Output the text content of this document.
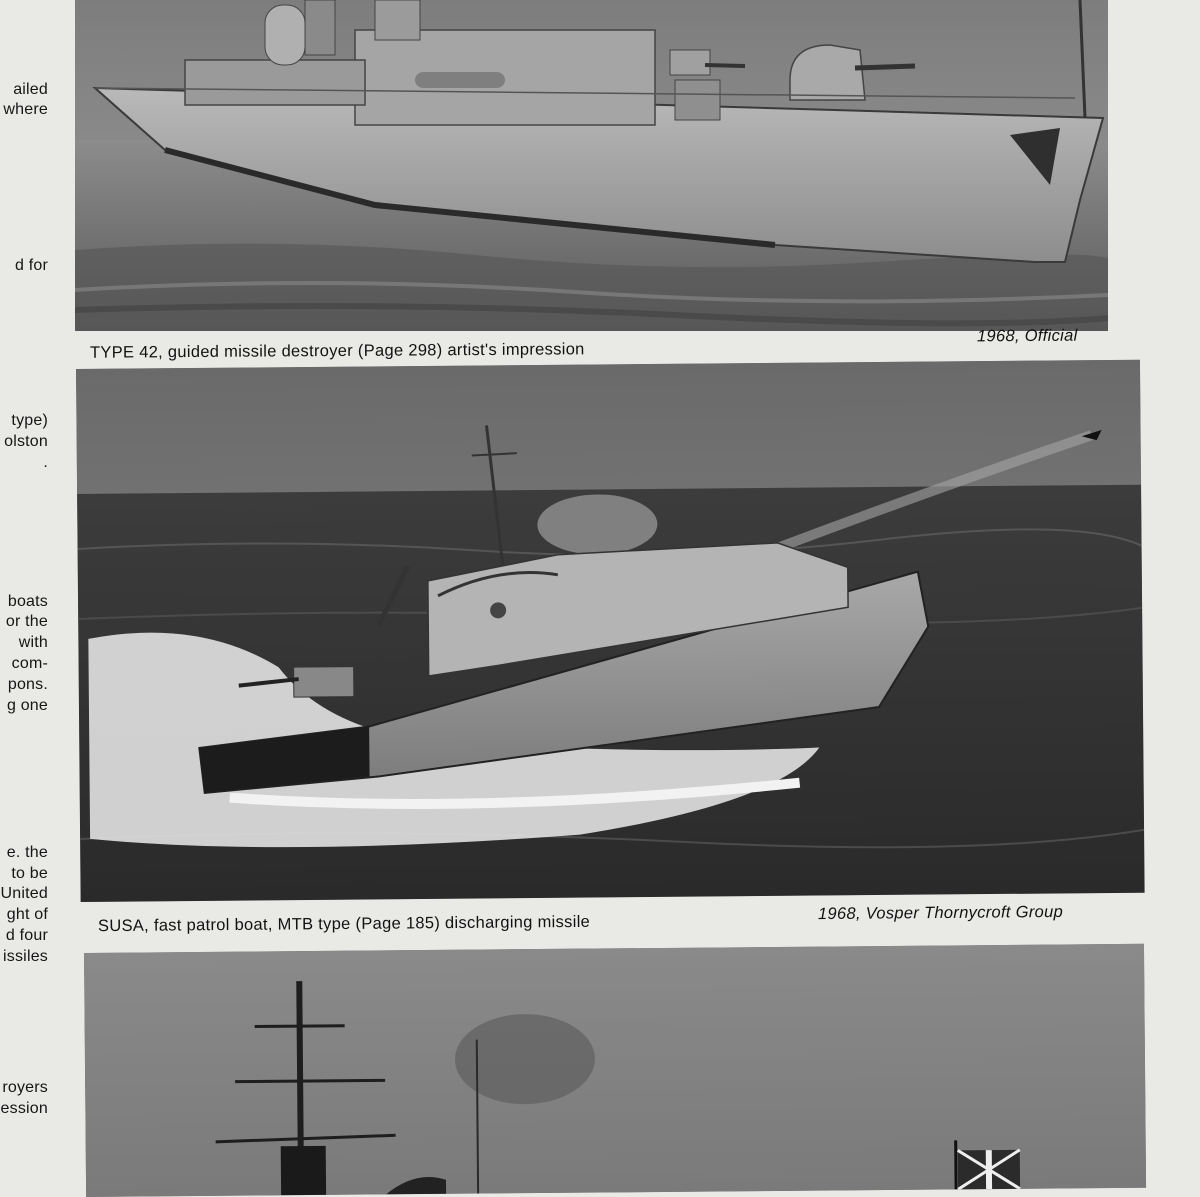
ailed
where
d for
type)
olston
.
boats
or the
with
com-
pons.
g one
e. the
to be
United
ght of
d four
issiles
royers
ession

TYPE 42, guided missile destroyer (Page 298) artist's impression
1968, Official
SUSA, fast patrol boat, MTB type (Page 185) discharging missile	1968, Vosper Thornycroft Group
